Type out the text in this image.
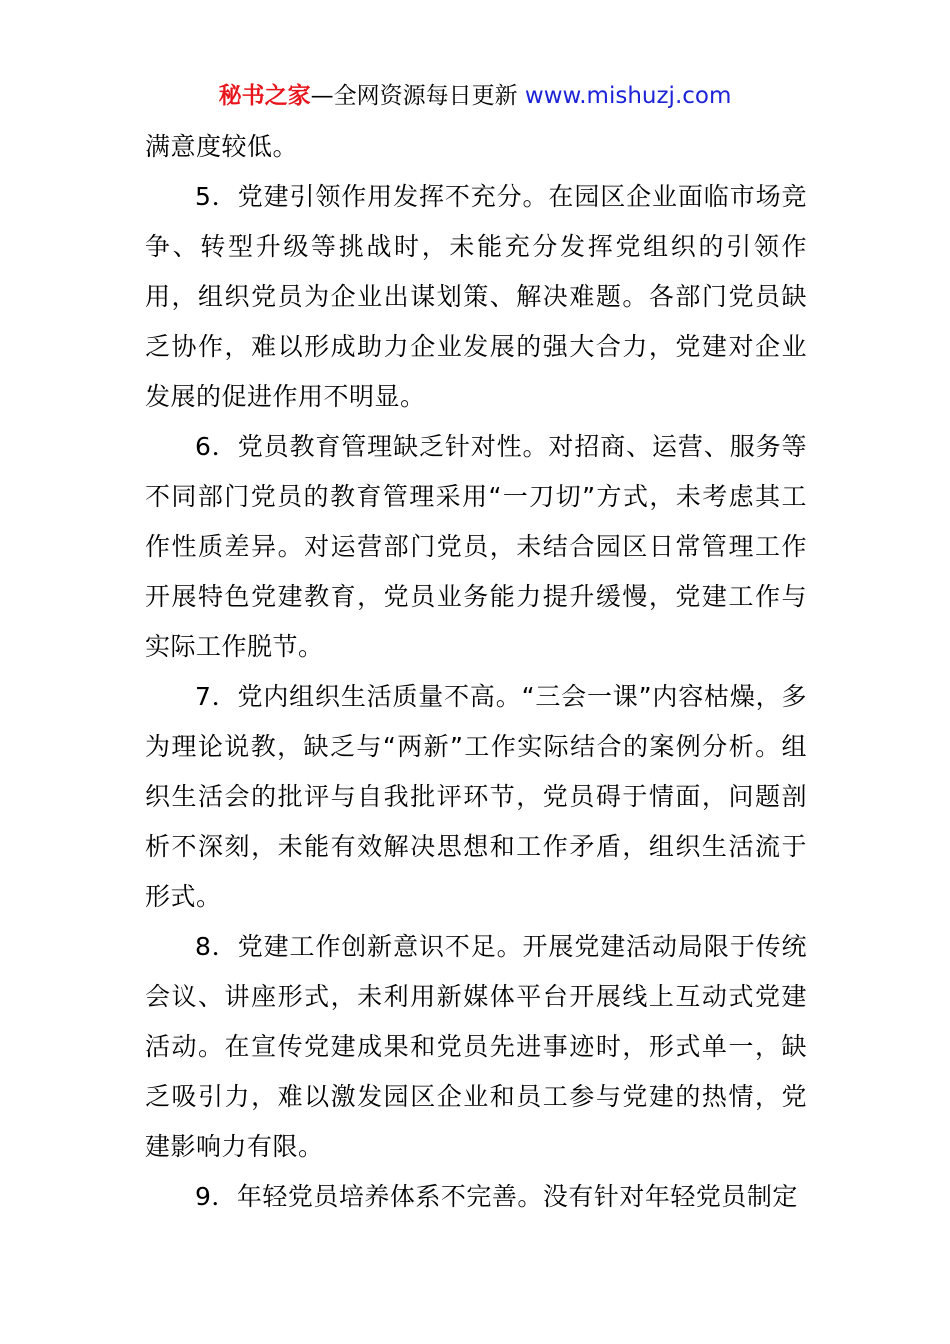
秘书之家—全网资源每日更新 www.mishuzj.com

满意度较低。

5．党建引领作用发挥不充分。在园区企业面临市场竞争、转型升级等挑战时，未能充分发挥党组织的引领作用，组织党员为企业出谋划策、解决难题。各部门党员缺乏协作，难以形成助力企业发展的强大合力，党建对企业发展的促进作用不明显。

6．党员教育管理缺乏针对性。对招商、运营、服务等不同部门党员的教育管理采用“一刀切”方式，未考虑其工作性质差异。对运营部门党员，未结合园区日常管理工作开展特色党建教育，党员业务能力提升缓慢，党建工作与实际工作脱节。

7．党内组织生活质量不高。“三会一课”内容枯燥，多为理论说教，缺乏与“两新”工作实际结合的案例分析。组织生活会的批评与自我批评环节，党员碍于情面，问题剖析不深刻，未能有效解决思想和工作矛盾，组织生活流于形式。

8．党建工作创新意识不足。开展党建活动局限于传统会议、讲座形式，未利用新媒体平台开展线上互动式党建活动。在宣传党建成果和党员先进事迹时，形式单一，缺乏吸引力，难以激发园区企业和员工参与党建的热情，党建影响力有限。

9．年轻党员培养体系不完善。没有针对年轻党员制定
